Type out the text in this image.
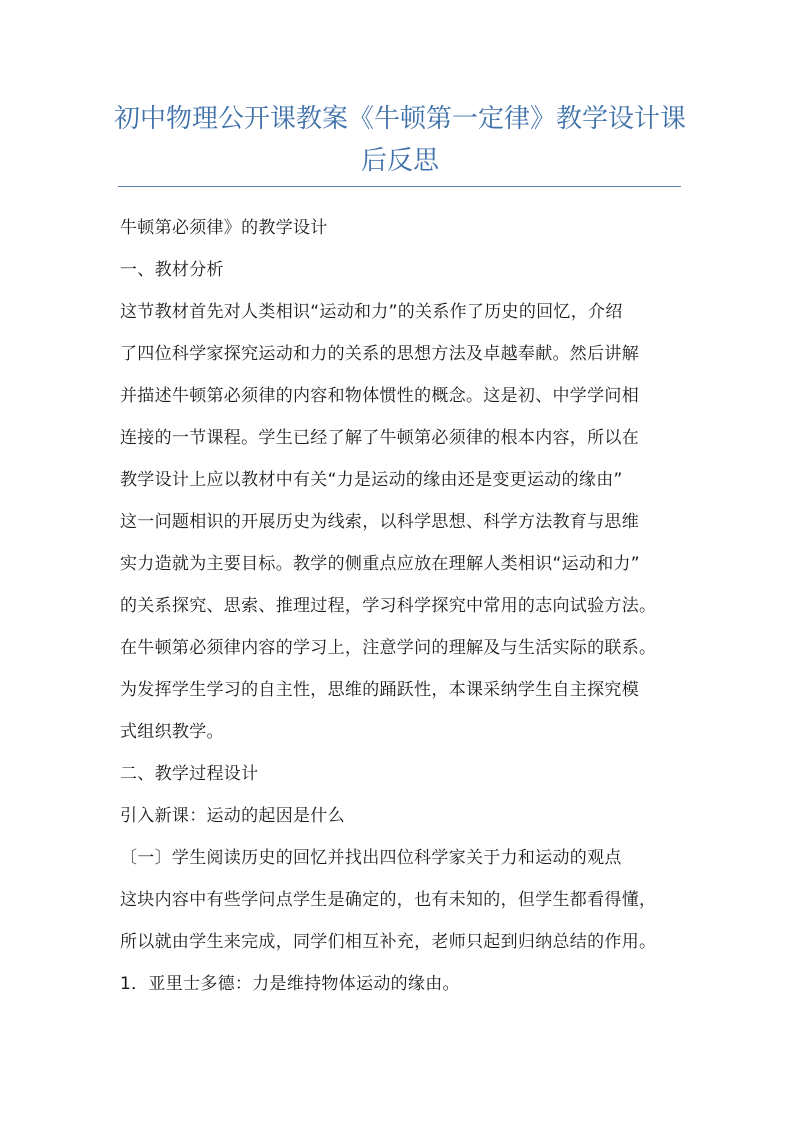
初中物理公开课教案《牛顿第一定律》教学设计课
后反思
牛顿第必须律》的教学设计
一、教材分析
这节教材首先对人类相识“运动和力”的关系作了历史的回忆，介绍
了四位科学家探究运动和力的关系的思想方法及卓越奉献。然后讲解
并描述牛顿第必须律的内容和物体惯性的概念。这是初、中学学问相
连接的一节课程。学生已经了解了牛顿第必须律的根本内容，所以在
教学设计上应以教材中有关“力是运动的缘由还是变更运动的缘由”
这一问题相识的开展历史为线索，以科学思想、科学方法教育与思维
实力造就为主要目标。教学的侧重点应放在理解人类相识“运动和力”
的关系探究、思索、推理过程，学习科学探究中常用的志向试验方法。
在牛顿第必须律内容的学习上，注意学问的理解及与生活实际的联系。
为发挥学生学习的自主性，思维的踊跃性，本课采纳学生自主探究模
式组织教学。
二、教学过程设计
引入新课：运动的起因是什么
〔一〕学生阅读历史的回忆并找出四位科学家关于力和运动的观点
这块内容中有些学问点学生是确定的，也有未知的，但学生都看得懂，
所以就由学生来完成，同学们相互补充，老师只起到归纳总结的作用。
1．亚里士多德：力是维持物体运动的缘由。
